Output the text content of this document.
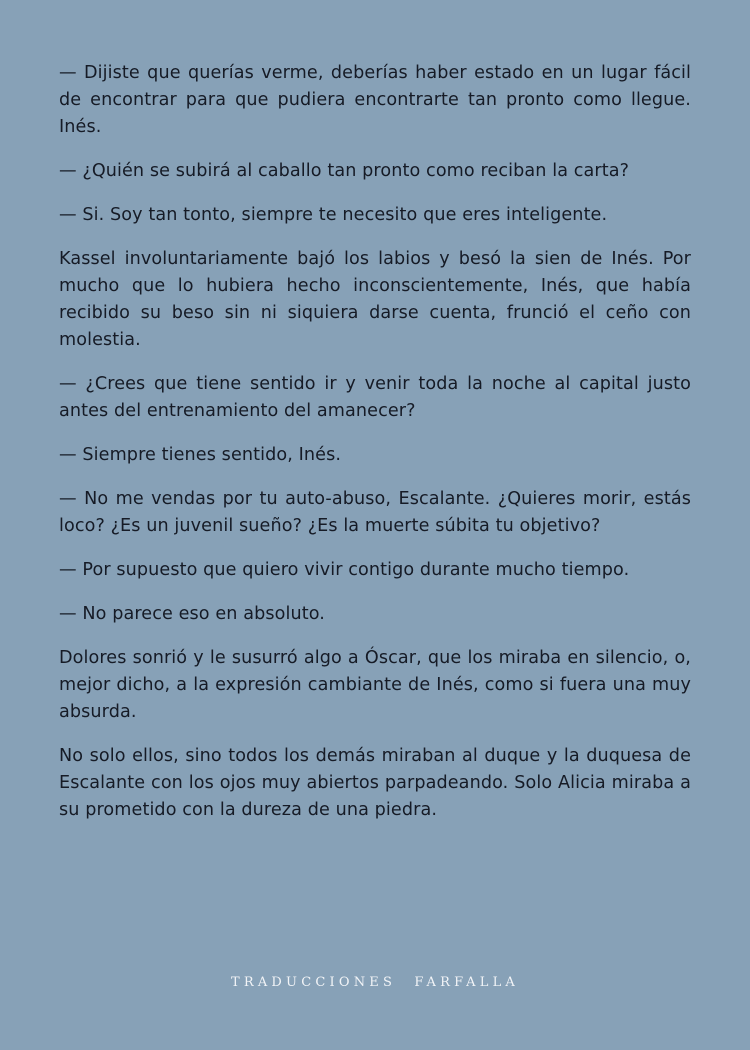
— Dijiste que querías verme, deberías haber estado en un lugar fácil de encontrar para que pudiera encontrarte tan pronto como llegue. Inés.

— ¿Quién se subirá al caballo tan pronto como reciban la carta?

— Si. Soy tan tonto, siempre te necesito que eres inteligente.

Kassel involuntariamente bajó los labios y besó la sien de Inés. Por mucho que lo hubiera hecho inconscientemente, Inés, que había recibido su beso sin ni siquiera darse cuenta, frunció el ceño con molestia.

— ¿Crees que tiene sentido ir y venir toda la noche al capital justo antes del entrenamiento del amanecer?

— Siempre tienes sentido, Inés.

— No me vendas por tu auto-abuso, Escalante. ¿Quieres morir, estás loco? ¿Es un juvenil sueño? ¿Es la muerte súbita tu objetivo?

— Por supuesto que quiero vivir contigo durante mucho tiempo.

— No parece eso en absoluto.

Dolores sonrió y le susurró algo a Óscar, que los miraba en silencio, o, mejor dicho, a la expresión cambiante de Inés, como si fuera una muy absurda.

No solo ellos, sino todos los demás miraban al duque y la duquesa de Escalante con los ojos muy abiertos parpadeando. Solo Alicia miraba a su prometido con la dureza de una piedra.

TRADUCCIONES FARFALLA
